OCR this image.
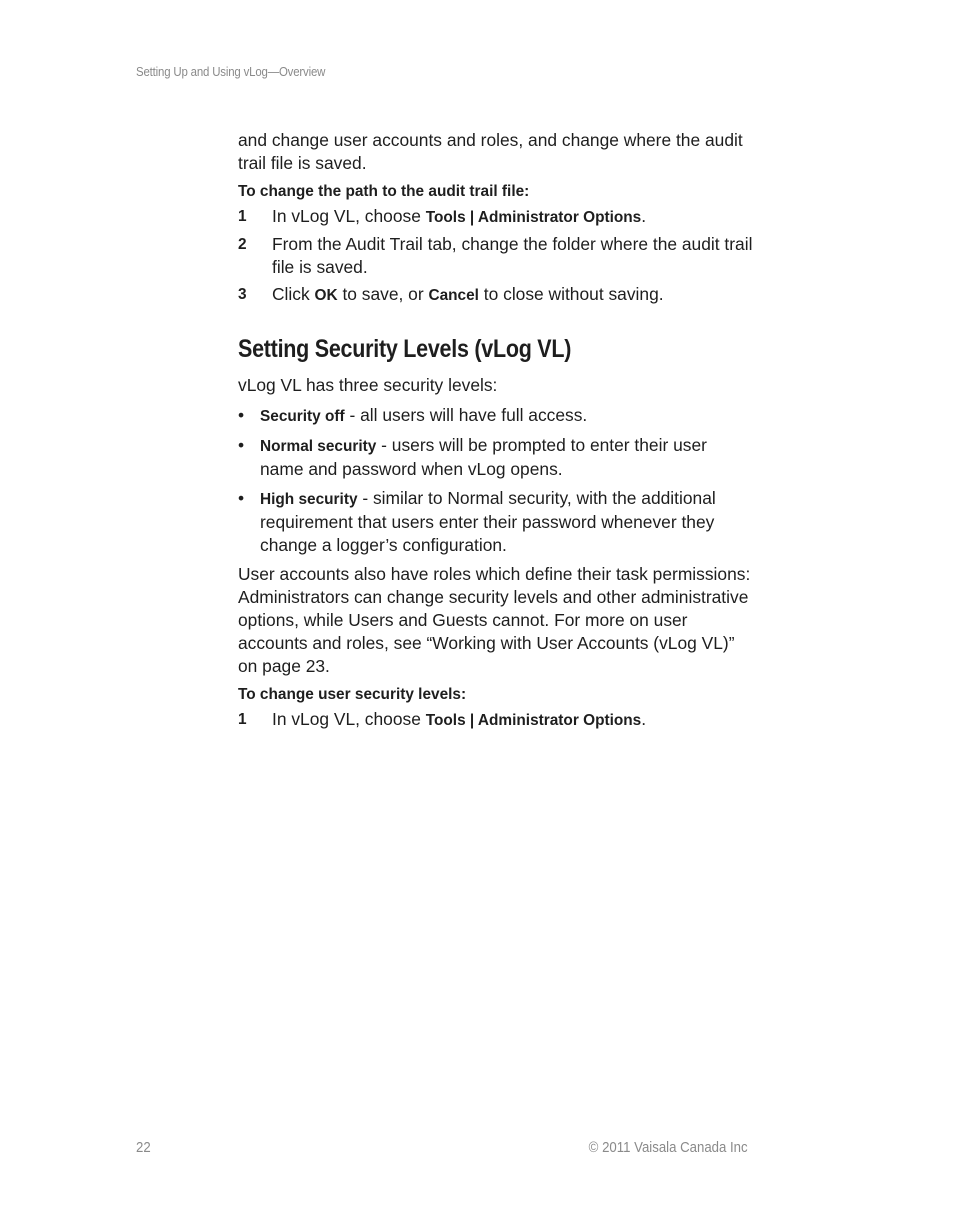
Setting Up and Using vLog—Overview

and change user accounts and roles, and change where the audit trail file is saved.

To change the path to the audit trail file:
1	In vLog VL, choose Tools | Administrator Options.
2	From the Audit Trail tab, change the folder where the audit trail file is saved.
3	Click OK to save, or Cancel to close without saving.
Setting Security Levels (vLog VL)

vLog VL has three security levels:

•	Security off - all users will have full access.
•	Normal security - users will be prompted to enter their user name and password when vLog opens.
•	High security - similar to Normal security, with the additional requirement that users enter their password whenever they change a logger’s configuration.

User accounts also have roles which define their task permissions: Administrators can change security levels and other administrative options, while Users and Guests cannot. For more on user accounts and roles, see “Working with User Accounts (vLog VL)” on page 23.

To change user security levels:
1	In vLog VL, choose Tools | Administrator Options.
22	© 2011 Vaisala Canada Inc
